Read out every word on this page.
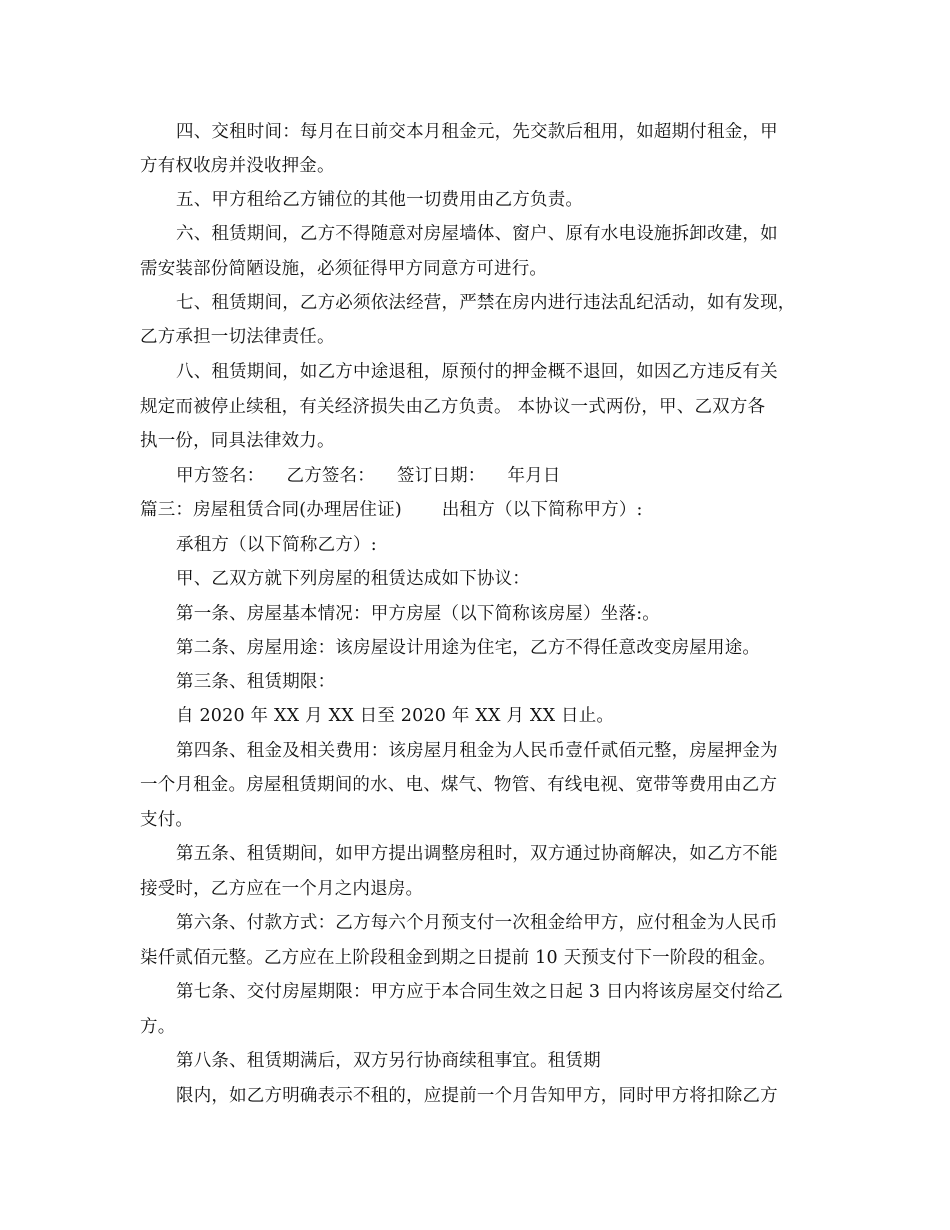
四、交租时间：每月在日前交本月租金元，先交款后租用，如超期付租金，甲
方有权收房并没收押金。
五、甲方租给乙方铺位的其他一切费用由乙方负责。
六、租赁期间，乙方不得随意对房屋墙体、窗户、原有水电设施拆卸改建，如
需安装部份简陋设施，必须征得甲方同意方可进行。
七、租赁期间，乙方必须依法经营，严禁在房内进行违法乱纪活动，如有发现，
乙方承担一切法律责任。
八、租赁期间，如乙方中途退租，原预付的押金概不退回，如因乙方违反有关
规定而被停止续租，有关经济损失由乙方负责。 本协议一式两份，甲、乙双方各
执一份，同具法律效力。
甲方签名： 乙方签名： 签订日期： 年月日
篇三：房屋租赁合同(办理居住证) 出租方（以下简称甲方）:
承租方（以下简称乙方）:
甲、乙双方就下列房屋的租赁达成如下协议：
第一条、房屋基本情况：甲方房屋（以下简称该房屋）坐落:。
第二条、房屋用途：该房屋设计用途为住宅，乙方不得任意改变房屋用途。
第三条、租赁期限：
自 2020 年 XX 月 XX 日至 2020 年 XX 月 XX 日止。
第四条、租金及相关费用：该房屋月租金为人民币壹仟贰佰元整，房屋押金为
一个月租金。房屋租赁期间的水、电、煤气、物管、有线电视、宽带等费用由乙方
支付。
第五条、租赁期间，如甲方提出调整房租时，双方通过协商解决，如乙方不能
接受时，乙方应在一个月之内退房。
第六条、付款方式：乙方每六个月预支付一次租金给甲方，应付租金为人民币
柒仟贰佰元整。乙方应在上阶段租金到期之日提前 10 天预支付下一阶段的租金。
第七条、交付房屋期限：甲方应于本合同生效之日起 3 日内将该房屋交付给乙
方。
第八条、租赁期满后，双方另行协商续租事宜。租赁期
限内，如乙方明确表示不租的，应提前一个月告知甲方，同时甲方将扣除乙方
